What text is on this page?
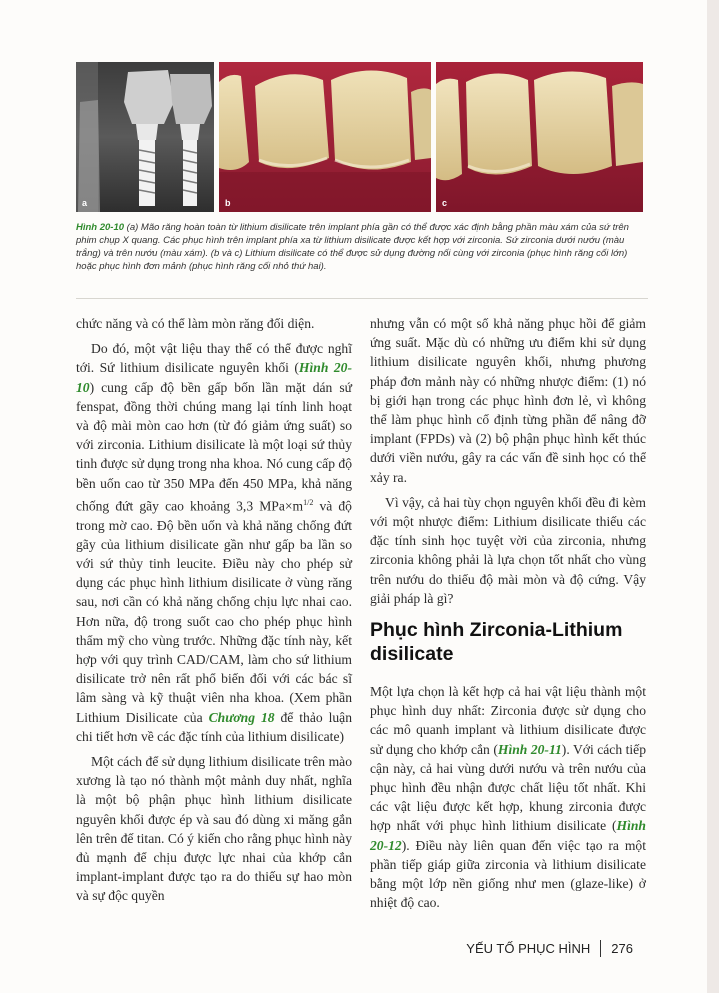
a	b	c
Hình 20-10 (a) Mão răng hoàn toàn từ lithium disilicate trên implant phía gần có thể được xác định bằng phần màu xám của sứ trên phim chụp X quang. Các phục hình trên implant phía xa từ lithium disilicate được kết hợp với zirconia. Sứ zirconia dưới nướu (màu trắng) và trên nướu (màu xám). (b và c) Lithium disilicate có thể được sử dụng đường nối cùng với zirconia (phục hình răng cối lớn) hoặc phục hình đơn mảnh (phục hình răng cối nhỏ thứ hai).

chức năng và có thể làm mòn răng đối diện.

Do đó, một vật liệu thay thế có thể được nghĩ tới. Sứ lithium disilicate nguyên khối (Hình 20-10) cung cấp độ bền gấp bốn lần mặt dán sứ fenspat, đồng thời chúng mang lại tính linh hoạt và độ mài mòn cao hơn (từ đó giảm ứng suất) so với zirconia. Lithium disilicate là một loại sứ thủy tinh được sử dụng trong nha khoa. Nó cung cấp độ bền uốn cao từ 350 MPa đến 450 MPa, khả năng chống đứt gãy cao khoảng 3,3 $MPa\times m^{1/2}$ và độ trong mờ cao. Độ bền uốn và khả năng chống đứt gãy của lithium disilicate gần như gấp ba lần so với sứ thủy tinh leucite. Điều này cho phép sử dụng các phục hình lithium disilicate ở vùng răng sau, nơi cần có khả năng chống chịu lực nhai cao. Hơn nữa, độ trong suốt cao cho phép phục hình thẩm mỹ cho vùng trước. Những đặc tính này, kết hợp với quy trình CAD/CAM, làm cho sứ lithium disilicate trở nên rất phổ biến đối với các bác sĩ lâm sàng và kỹ thuật viên nha khoa. (Xem phần Lithium Disilicate của Chương 18 để thảo luận chi tiết hơn về các đặc tính của lithium disilicate)

Một cách để sử dụng lithium disilicate trên mào xương là tạo nó thành một mảnh duy nhất, nghĩa là một bộ phận phục hình lithium disilicate nguyên khối được ép và sau đó dùng xi măng gắn lên trên đế titan. Có ý kiến cho rằng phục hình này đủ mạnh để chịu được lực nhai của khớp cắn implant-implant được tạo ra do thiếu sự hao mòn và sự độc quyền

nhưng vẫn có một số khả năng phục hồi để giảm ứng suất. Mặc dù có những ưu điểm khi sử dụng lithium disilicate nguyên khối, nhưng phương pháp đơn mảnh này có những nhược điểm: (1) nó bị giới hạn trong các phục hình đơn lẻ, vì không thể làm phục hình cố định từng phần để nâng đỡ implant (FPDs) và (2) bộ phận phục hình kết thúc dưới viền nướu, gây ra các vấn đề sinh học có thể xảy ra.

Vì vậy, cả hai tùy chọn nguyên khối đều đi kèm với một nhược điểm: Lithium disilicate thiếu các đặc tính sinh học tuyệt vời của zirconia, nhưng zirconia không phải là lựa chọn tốt nhất cho vùng trên nướu do thiếu độ mài mòn và độ cứng. Vậy giải pháp là gì?

Phục hình Zirconia-Lithium disilicate

Một lựa chọn là kết hợp cả hai vật liệu thành một phục hình duy nhất: Zirconia được sử dụng cho các mô quanh implant và lithium disilicate được sử dụng cho khớp cắn (Hình 20-11). Với cách tiếp cận này, cả hai vùng dưới nướu và trên nướu của phục hình đều nhận được chất liệu tốt nhất. Khi các vật liệu được kết hợp, khung zirconia được hợp nhất với phục hình lithium disilicate (Hình 20-12). Điều này liên quan đến việc tạo ra một phần tiếp giáp giữa zirconia và lithium disilicate bằng một lớp nền giống như men (glaze-like) ở nhiệt độ cao.

YẾU TỐ PHỤC HÌNH 276
